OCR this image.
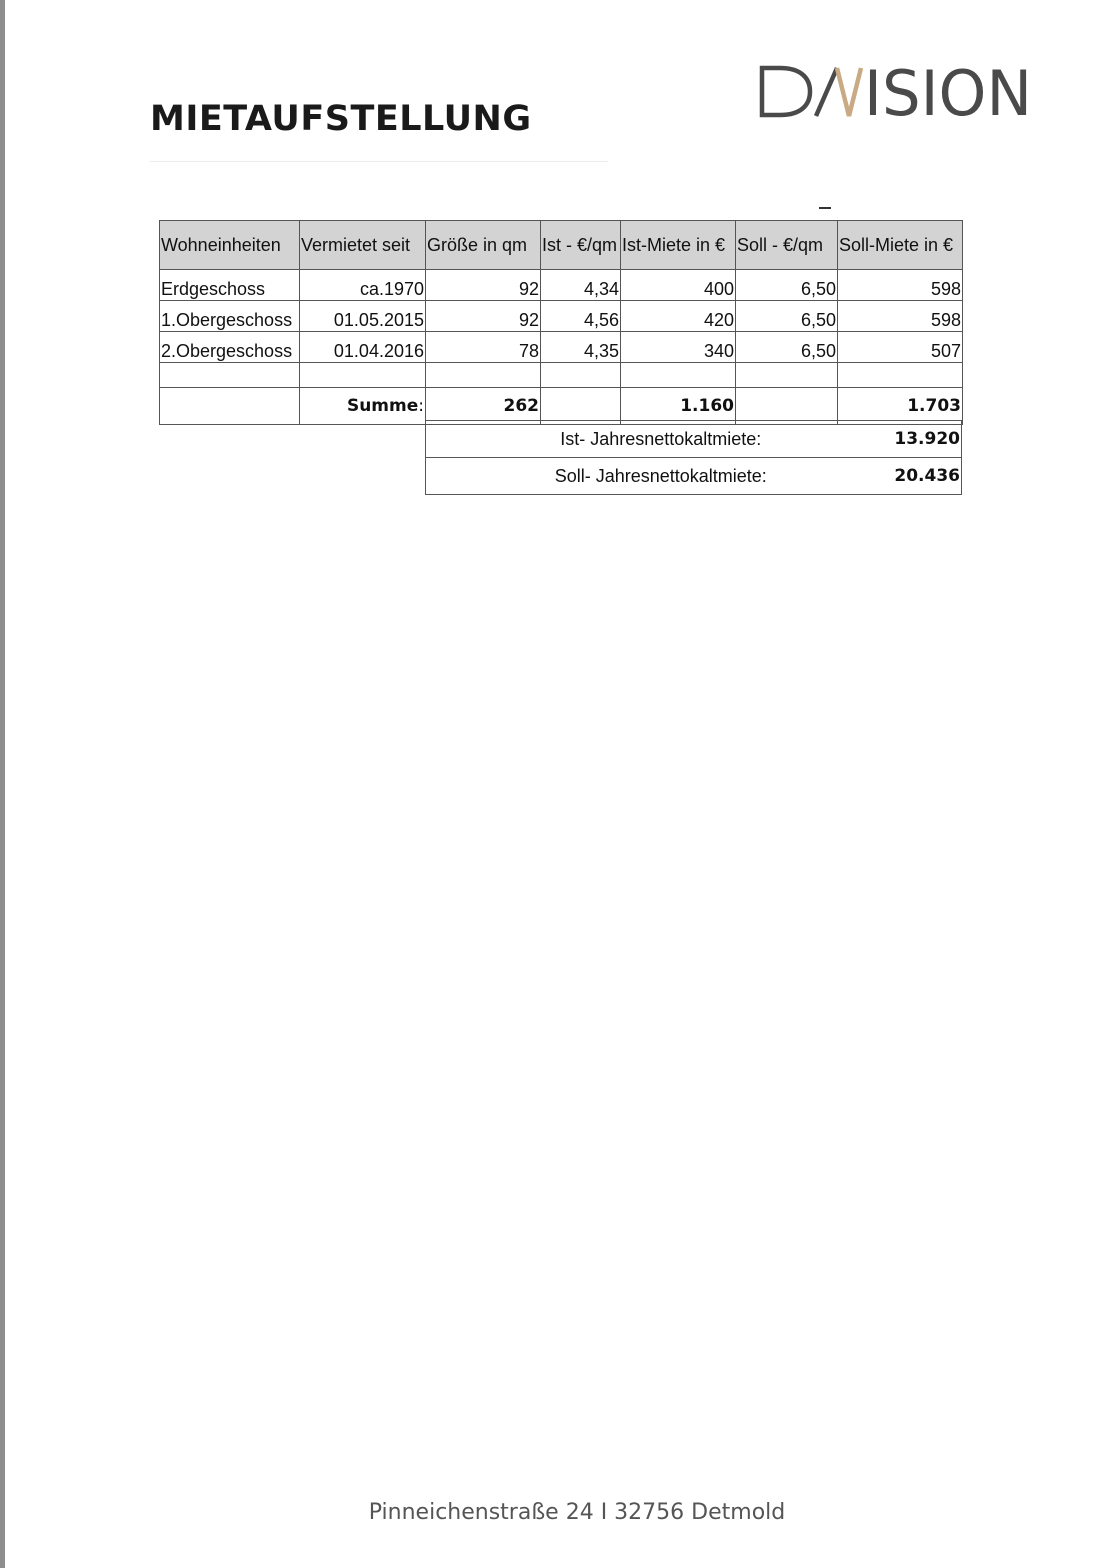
MIETAUFSTELLUNG	ISION
Wohneinheiten	Vermietet seit	Größe in qm	Ist - €/qm	Ist-Miete in €	Soll - €/qm	Soll-Miete in €
Erdgeschoss	ca.1970	92	4,34	400	6,50	598
1.Obergeschoss	01.05.2015	92	4,56	420	6,50	598
2.Obergeschoss	01.04.2016	78	4,35	340	6,50	507

	Summe:	262		1.160		1.703
Ist- Jahresnettokaltmiete:	13.920
Soll- Jahresnettokaltmiete:	20.436
Pinneichenstraße 24 I 32756 Detmold
